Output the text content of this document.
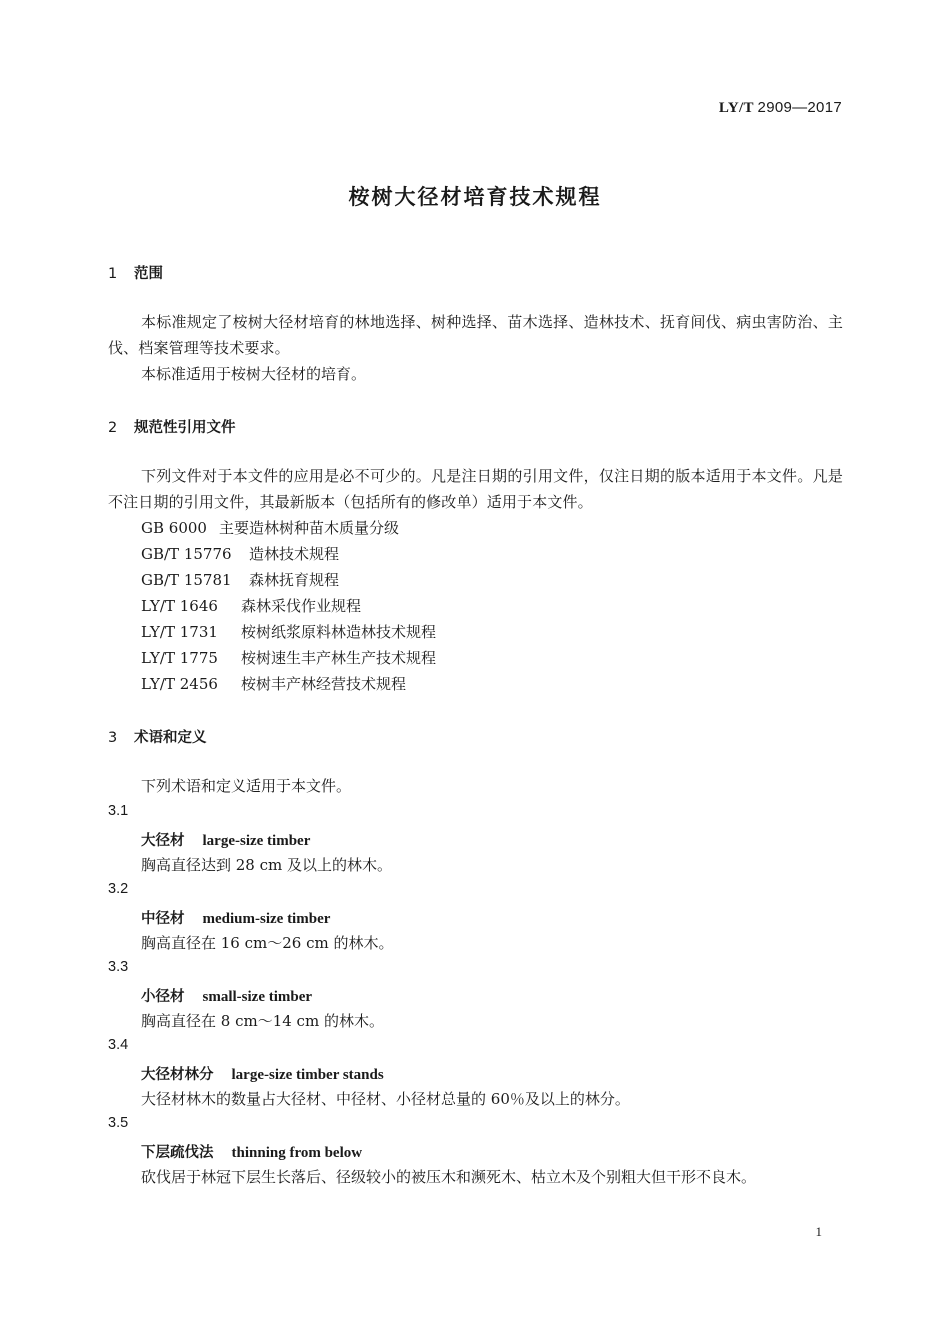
LY/T 2909—2017
桉树大径材培育技术规程
1 范围
本标准规定了桉树大径材培育的林地选择、树种选择、苗木选择、造林技术、抚育间伐、病虫害防治、主伐、档案管理等技术要求。
本标准适用于桉树大径材的培育。
2 规范性引用文件
下列文件对于本文件的应用是必不可少的。凡是注日期的引用文件，仅注日期的版本适用于本文件。凡是不注日期的引用文件，其最新版本（包括所有的修改单）适用于本文件。
GB 6000 主要造林树种苗木质量分级
GB/T 15776 造林技术规程
GB/T 15781 森林抚育规程
LY/T 1646 森林采伐作业规程
LY/T 1731 桉树纸浆原料林造林技术规程
LY/T 1775 桉树速生丰产林生产技术规程
LY/T 2456 桉树丰产林经营技术规程
3 术语和定义
下列术语和定义适用于本文件。
3.1
大径材 large-size timber
胸高直径达到 28 cm 及以上的林木。
3.2
中径材 medium-size timber
胸高直径在 16 cm～26 cm 的林木。
3.3
小径材 small-size timber
胸高直径在 8 cm～14 cm 的林木。
3.4
大径材林分 large-size timber stands
大径材林木的数量占大径材、中径材、小径材总量的 60％及以上的林分。
3.5
下层疏伐法 thinning from below
砍伐居于林冠下层生长落后、径级较小的被压木和濒死木、枯立木及个别粗大但干形不良木。
1
